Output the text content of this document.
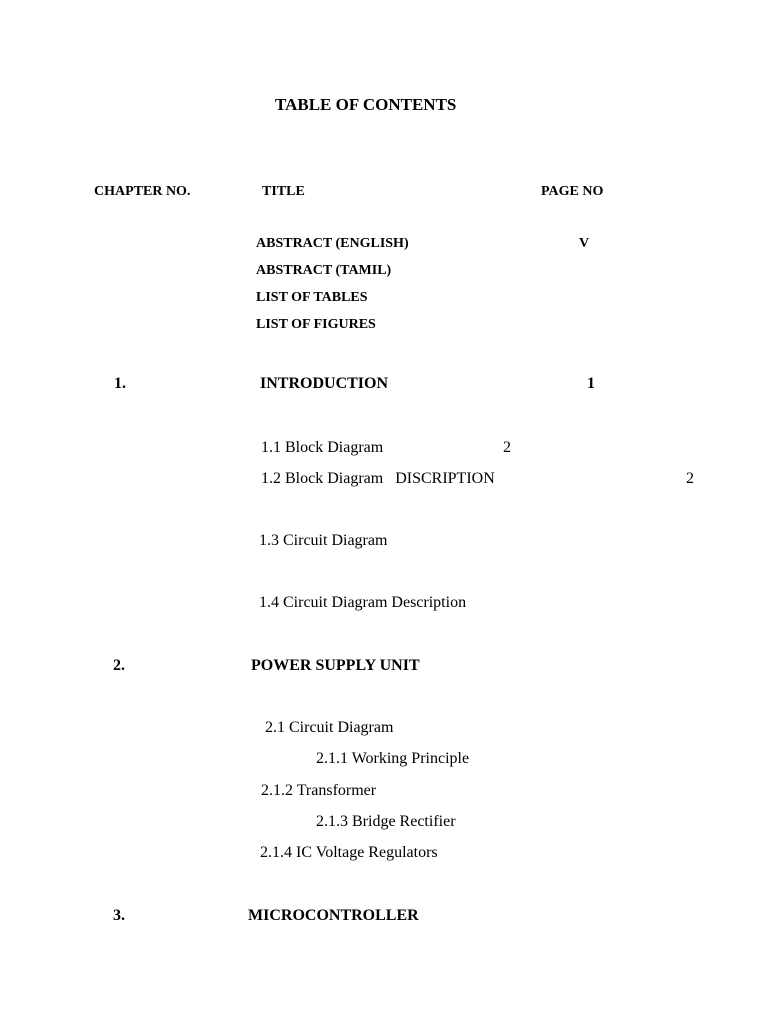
TABLE OF CONTENTS
CHAPTER NO.	TITLE	PAGE NO
ABSTRACT (ENGLISH)	V
ABSTRACT (TAMIL)
LIST OF TABLES
LIST OF FIGURES
1.	INTRODUCTION	1
1.1 Block Diagram	2
1.2 Block Diagram   DISCRIPTION	2
1.3 Circuit Diagram
1.4 Circuit Diagram Description
2.	POWER SUPPLY UNIT
2.1 Circuit Diagram
2.1.1 Working Principle
2.1.2 Transformer
2.1.3 Bridge Rectifier
2.1.4 IC Voltage Regulators
3.	MICROCONTROLLER
